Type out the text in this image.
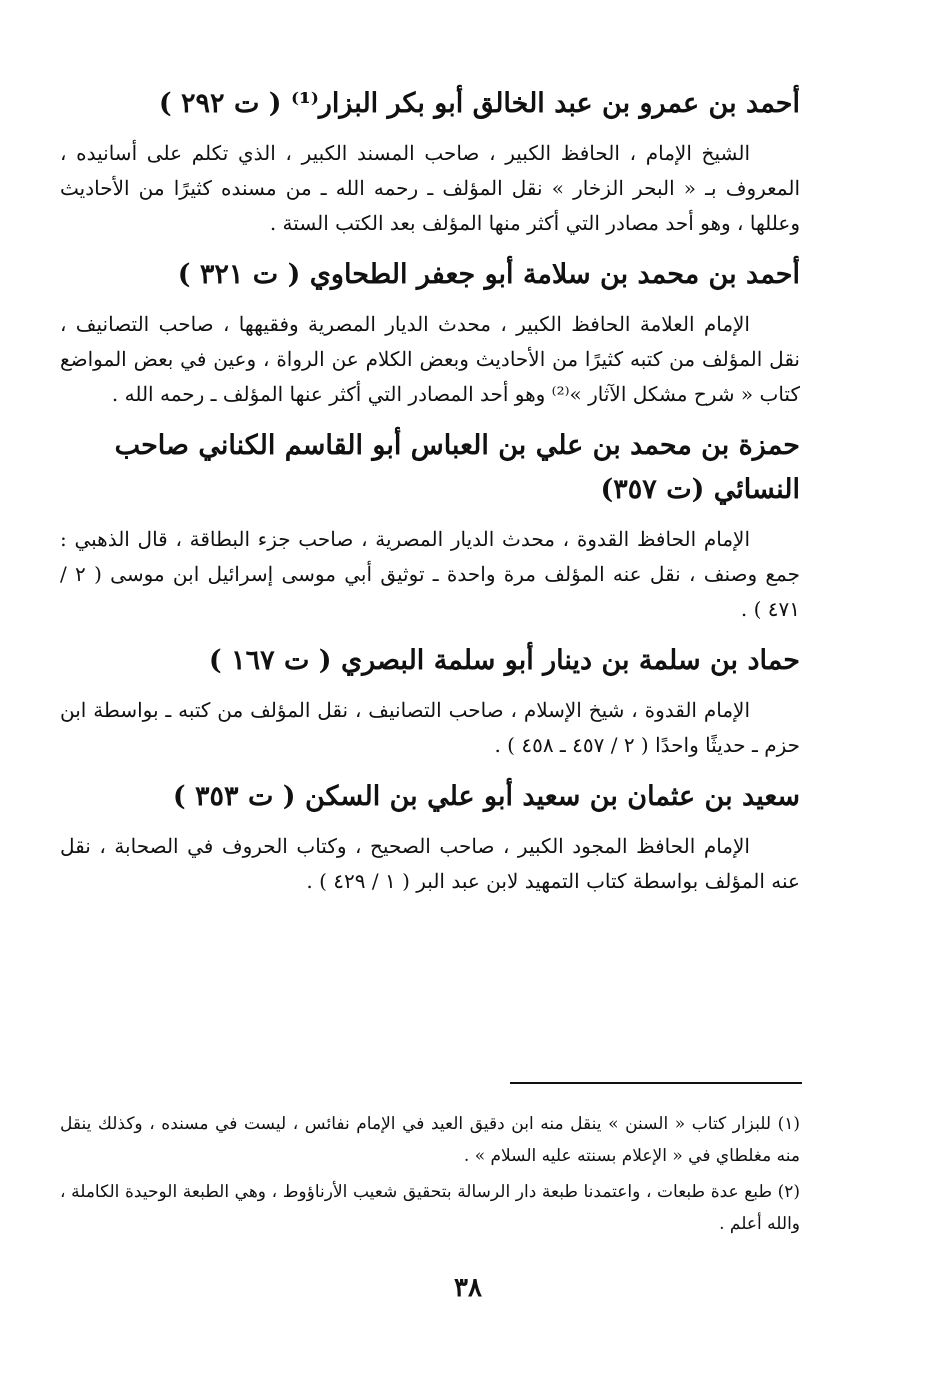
أحمد بن عمرو بن عبد الخالق أبو بكر البزار⁽¹⁾ ( ت ٢٩٢ )

الشيخ الإمام ، الحافظ الكبير ، صاحب المسند الكبير ، الذي تكلم على أسانيده ، المعروف بـ « البحر الزخار » نقل المؤلف ـ رحمه الله ـ من مسنده كثيرًا من الأحاديث وعللها ، وهو أحد مصادر التي أكثر منها المؤلف بعد الكتب الستة .

أحمد بن محمد بن سلامة أبو جعفر الطحاوي ( ت ٣٢١ )

الإمام العلامة الحافظ الكبير ، محدث الديار المصرية وفقيهها ، صاحب التصانيف ، نقل المؤلف من كتبه كثيرًا من الأحاديث وبعض الكلام عن الرواة ، وعين في بعض المواضع كتاب « شرح مشكل الآثار »⁽²⁾ وهو أحد المصادر التي أكثر عنها المؤلف ـ رحمه الله .

حمزة بن محمد بن علي بن العباس أبو القاسم الكناني صاحب النسائي (ت ٣٥٧)

الإمام الحافظ القدوة ، محدث الديار المصرية ، صاحب جزء البطاقة ، قال الذهبي : جمع وصنف ، نقل عنه المؤلف مرة واحدة ـ توثيق أبي موسى إسرائيل ابن موسى ( ٢ / ٤٧١ ) .

حماد بن سلمة بن دينار أبو سلمة البصري ( ت ١٦٧ )

الإمام القدوة ، شيخ الإسلام ، صاحب التصانيف ، نقل المؤلف من كتبه ـ بواسطة ابن حزم ـ حديثًا واحدًا ( ٢ / ٤٥٧ ـ ٤٥٨ ) .

سعيد بن عثمان بن سعيد أبو علي بن السكن ( ت ٣٥٣ )

الإمام الحافظ المجود الكبير ، صاحب الصحيح ، وكتاب الحروف في الصحابة ، نقل عنه المؤلف بواسطة كتاب التمهيد لابن عبد البر ( ١ / ٤٢٩ ) .

(١) للبزار كتاب « السنن » ينقل منه ابن دقيق العيد في الإمام نفائس ، ليست في مسنده ، وكذلك ينقل منه مغلطاي في « الإعلام بسنته عليه السلام » .

(٢) طبع عدة طبعات ، واعتمدنا طبعة دار الرسالة بتحقيق شعيب الأرناؤوط ، وهي الطبعة الوحيدة الكاملة ، والله أعلم .

٣٨
